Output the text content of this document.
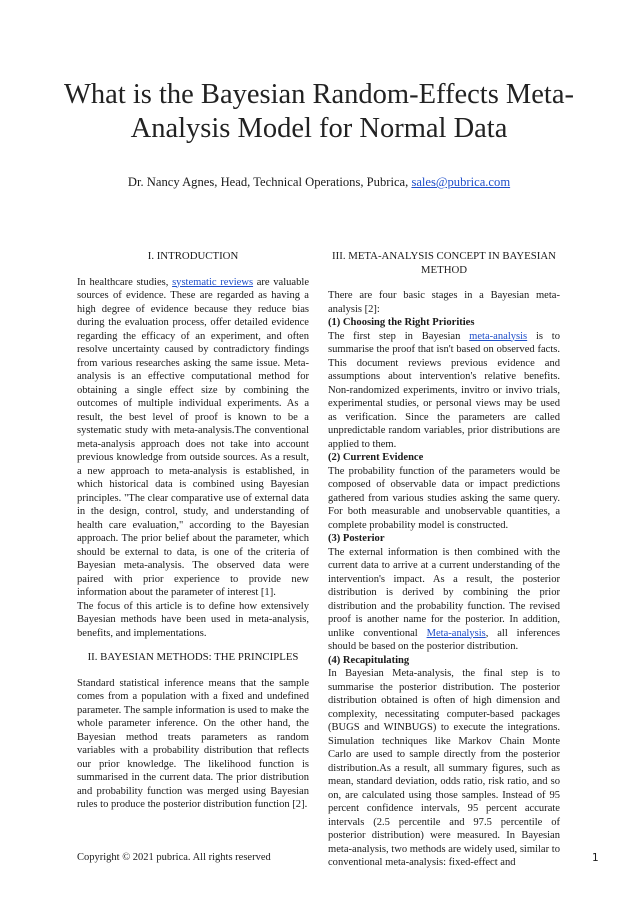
What is the Bayesian Random-Effects Meta-Analysis Model for Normal Data
Dr. Nancy Agnes, Head, Technical Operations, Pubrica, sales@pubrica.com

I. INTRODUCTION

In healthcare studies, systematic reviews are valuable sources of evidence. These are regarded as having a high degree of evidence because they reduce bias during the evaluation process, offer detailed evidence regarding the efficacy of an experiment, and often resolve uncertainty caused by contradictory findings from various researches asking the same issue. Meta-analysis is an effective computational method for obtaining a single effect size by combining the outcomes of multiple individual experiments. As a result, the best level of proof is known to be a systematic study with meta-analysis.The conventional meta-analysis approach does not take into account previous knowledge from outside sources. As a result, a new approach to meta-analysis is established, in which historical data is combined using Bayesian principles. "The clear comparative use of external data in the design, control, study, and understanding of health care evaluation," according to the Bayesian approach. The prior belief about the parameter, which should be external to data, is one of the criteria of Bayesian meta-analysis. The observed data were paired with prior experience to provide new information about the parameter of interest [1].

The focus of this article is to define how extensively Bayesian methods have been used in meta-analysis, benefits, and implementations.

II. BAYESIAN METHODS: THE PRINCIPLES

Standard statistical inference means that the sample comes from a population with a fixed and undefined parameter. The sample information is used to make the whole parameter inference. On the other hand, the Bayesian method treats parameters as random variables with a probability distribution that reflects our prior knowledge. The likelihood function is summarised in the current data. The prior distribution and probability function was merged using Bayesian rules to produce the posterior distribution function [2].

III. META-ANALYSIS CONCEPT IN BAYESIAN METHOD

There are four basic stages in a Bayesian meta-analysis [2]:

(1) Choosing the Right Priorities

The first step in Bayesian meta-analysis is to summarise the proof that isn't based on observed facts. This document reviews previous evidence and assumptions about intervention's relative benefits. Non-randomized experiments, invitro or invivo trials, experimental studies, or personal views may be used as verification. Since the parameters are called unpredictable random variables, prior distributions are applied to them.

(2) Current Evidence

The probability function of the parameters would be composed of observable data or impact predictions gathered from various studies asking the same query. For both measurable and unobservable quantities, a complete probability model is constructed.

(3) Posterior

The external information is then combined with the current data to arrive at a current understanding of the intervention's impact. As a result, the posterior distribution is derived by combining the prior distribution and the probability function. The revised proof is another name for the posterior. In addition, unlike conventional Meta-analysis, all inferences should be based on the posterior distribution.

(4) Recapitulating

In Bayesian Meta-analysis, the final step is to summarise the posterior distribution. The posterior distribution obtained is often of high dimension and complexity, necessitating computer-based packages (BUGS and WINBUGS) to execute the integrations. Simulation techniques like Markov Chain Monte Carlo are used to sample directly from the posterior distribution.As a result, all summary figures, such as mean, standard deviation, odds ratio, risk ratio, and so on, are calculated using those samples. Instead of 95 percent confidence intervals, 95 percent accurate intervals (2.5 percentile and 97.5 percentile of posterior distribution) were measured. In Bayesian meta-analysis, two methods are widely used, similar to conventional meta-analysis: fixed-effect and

Copyright © 2021 pubrica. All rights reserved	1
